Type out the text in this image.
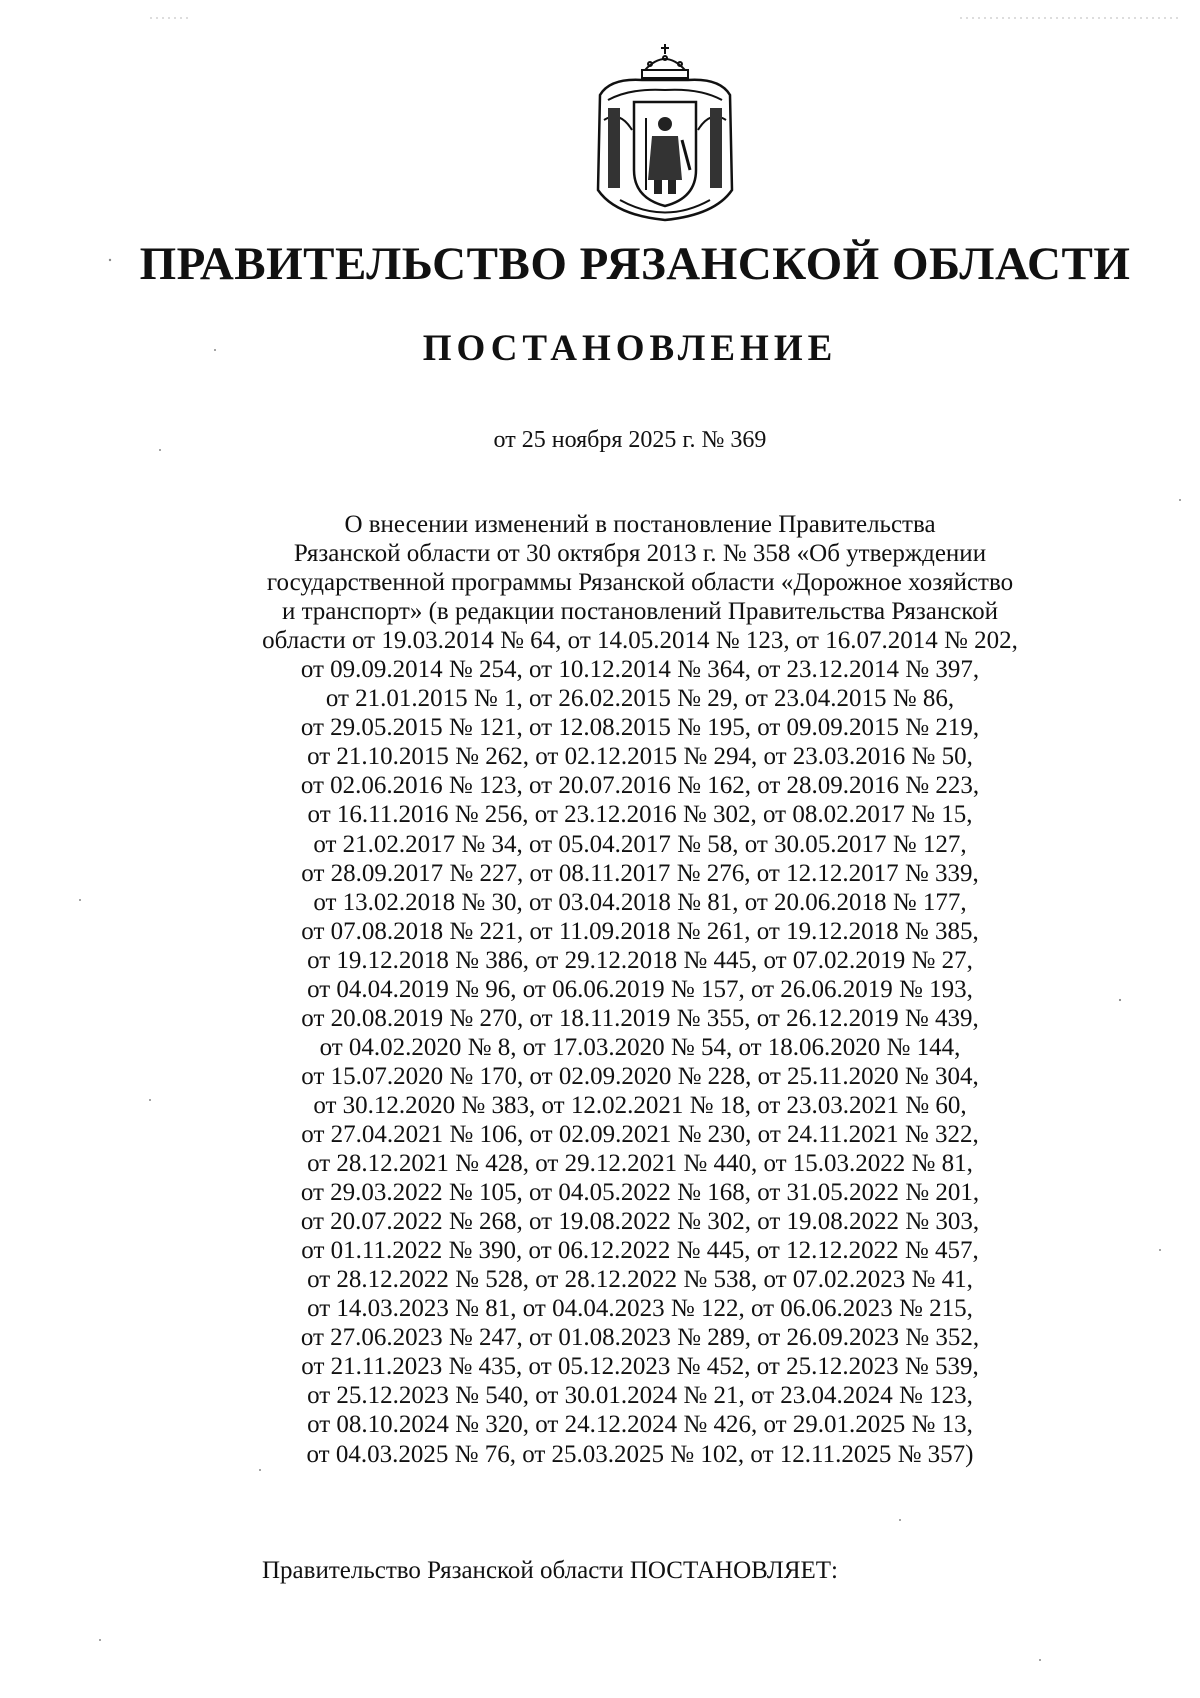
ПРАВИТЕЛЬСТВО РЯЗАНСКОЙ ОБЛАСТИ
ПОСТАНОВЛЕНИЕ
от 25 ноября 2025 г. № 369
О внесении изменений в постановление Правительства
Рязанской области от 30 октября 2013 г. № 358 «Об утверждении
государственной программы Рязанской области «Дорожное хозяйство
и транспорт» (в редакции постановлений Правительства Рязанской
области от 19.03.2014 № 64, от 14.05.2014 № 123, от 16.07.2014 № 202,
от 09.09.2014 № 254, от 10.12.2014 № 364, от 23.12.2014 № 397,
от 21.01.2015 № 1, от 26.02.2015 № 29, от 23.04.2015 № 86,
от 29.05.2015 № 121, от 12.08.2015 № 195, от 09.09.2015 № 219,
от 21.10.2015 № 262, от 02.12.2015 № 294, от 23.03.2016 № 50,
от 02.06.2016 № 123, от 20.07.2016 № 162, от 28.09.2016 № 223,
от 16.11.2016 № 256, от 23.12.2016 № 302, от 08.02.2017 № 15,
от 21.02.2017 № 34, от 05.04.2017 № 58, от 30.05.2017 № 127,
от 28.09.2017 № 227, от 08.11.2017 № 276, от 12.12.2017 № 339,
от 13.02.2018 № 30, от 03.04.2018 № 81, от 20.06.2018 № 177,
от 07.08.2018 № 221, от 11.09.2018 № 261, от 19.12.2018 № 385,
от 19.12.2018 № 386, от 29.12.2018 № 445, от 07.02.2019 № 27,
от 04.04.2019 № 96, от 06.06.2019 № 157, от 26.06.2019 № 193,
от 20.08.2019 № 270, от 18.11.2019 № 355, от 26.12.2019 № 439,
от 04.02.2020 № 8, от 17.03.2020 № 54, от 18.06.2020 № 144,
от 15.07.2020 № 170, от 02.09.2020 № 228, от 25.11.2020 № 304,
от 30.12.2020 № 383, от 12.02.2021 № 18, от 23.03.2021 № 60,
от 27.04.2021 № 106, от 02.09.2021 № 230, от 24.11.2021 № 322,
от 28.12.2021 № 428, от 29.12.2021 № 440, от 15.03.2022 № 81,
от 29.03.2022 № 105, от 04.05.2022 № 168, от 31.05.2022 № 201,
от 20.07.2022 № 268, от 19.08.2022 № 302, от 19.08.2022 № 303,
от 01.11.2022 № 390, от 06.12.2022 № 445, от 12.12.2022 № 457,
от 28.12.2022 № 528, от 28.12.2022 № 538, от 07.02.2023 № 41,
от 14.03.2023 № 81, от 04.04.2023 № 122, от 06.06.2023 № 215,
от 27.06.2023 № 247, от 01.08.2023 № 289, от 26.09.2023 № 352,
от 21.11.2023 № 435, от 05.12.2023 № 452, от 25.12.2023 № 539,
от 25.12.2023 № 540, от 30.01.2024 № 21, от 23.04.2024 № 123,
от 08.10.2024 № 320, от 24.12.2024 № 426, от 29.01.2025 № 13,
от 04.03.2025 № 76, от 25.03.2025 № 102, от 12.11.2025 № 357)
Правительство Рязанской области ПОСТАНОВЛЯЕТ:
